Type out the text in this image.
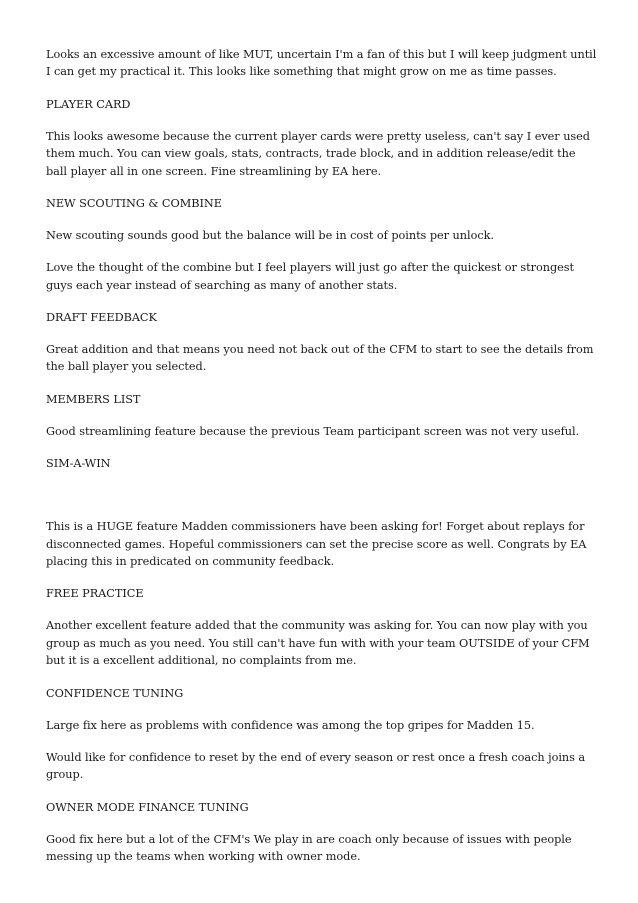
Looks an excessive amount of like MUT, uncertain I'm a fan of this but I will keep judgment until I can get my practical it. This looks like something that might grow on me as time passes.

PLAYER CARD

This looks awesome because the current player cards were pretty useless, can't say I ever used them much. You can view goals, stats, contracts, trade block, and in addition release/edit the ball player all in one screen. Fine streamlining by EA here.

NEW SCOUTING & COMBINE

New scouting sounds good but the balance will be in cost of points per unlock.

Love the thought of the combine but I feel players will just go after the quickest or strongest guys each year instead of searching as many of another stats.

DRAFT FEEDBACK

Great addition and that means you need not back out of the CFM to start to see the details from the ball player you selected.

MEMBERS LIST

Good streamlining feature because the previous Team participant screen was not very useful.

SIM-A-WIN

This is a HUGE feature Madden commissioners have been asking for! Forget about replays for disconnected games. Hopeful commissioners can set the precise score as well. Congrats by EA placing this in predicated on community feedback.

FREE PRACTICE

Another excellent feature added that the community was asking for. You can now play with you group as much as you need. You still can't have fun with with your team OUTSIDE of your CFM but it is a excellent additional, no complaints from me.

CONFIDENCE TUNING

Large fix here as problems with confidence was among the top gripes for Madden 15.

Would like for confidence to reset by the end of every season or rest once a fresh coach joins a group.

OWNER MODE FINANCE TUNING

Good fix here but a lot of the CFM's We play in are coach only because of issues with people messing up the teams when working with owner mode.
